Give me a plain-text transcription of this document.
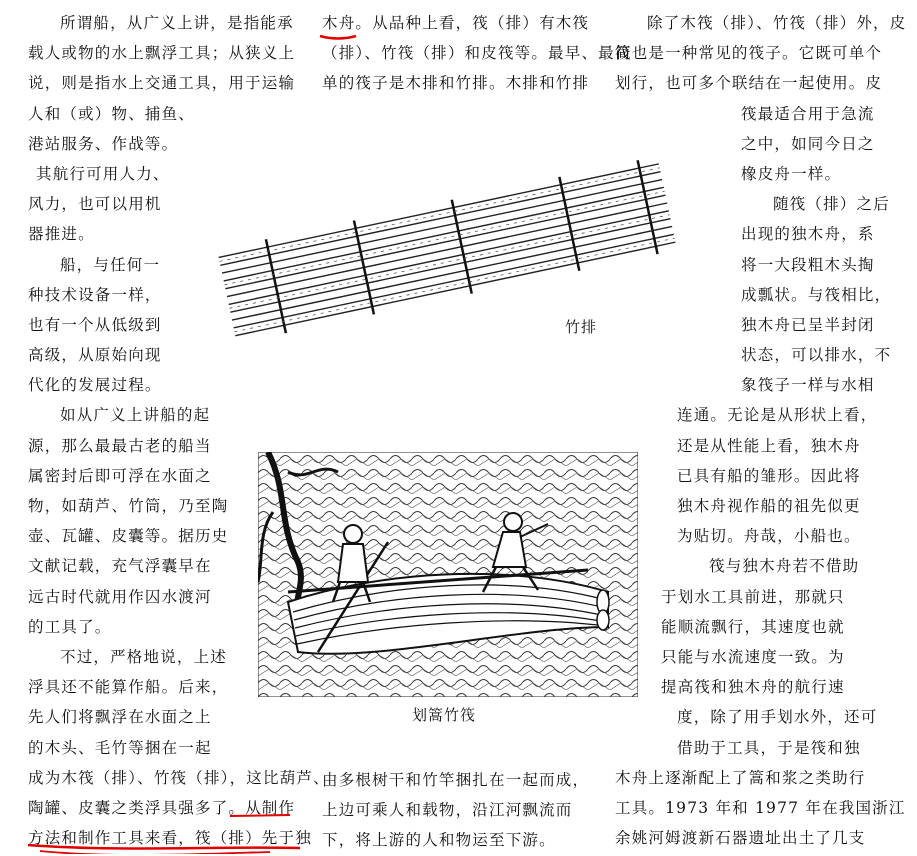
所谓船，从广义上讲，是指能承
载人或物的水上飘浮工具；从狭义上
说，则是指水上交通工具，用于运输
人和（或）物、捕鱼、
港站服务、作战等。
其航行可用人力、
风力，也可以用机
器推进。
船，与任何一
种技术设备一样，
也有一个从低级到
高级，从原始向现
代化的发展过程。
如从广义上讲船的起
源，那么最最古老的船当
属密封后即可浮在水面之
物，如葫芦、竹筒，乃至陶
壶、瓦罐、皮囊等。据历史
文献记载，充气浮囊早在
远古时代就用作囚水渡河
的工具了。
不过，严格地说，上述
浮具还不能算作船。后来，
先人们将飘浮在水面之上
的木头、毛竹等捆在一起
成为木筏（排）、竹筏（排），这比葫芦、
陶罐、皮囊之类浮具强多了。从制作
方法和制作工具来看，筏（排）先于独
木舟。从品种上看，筏（排）有木筏
（排）、竹筏（排）和皮筏等。最早、最简
单的筏子是木排和竹排。木排和竹排
由多根树干和竹竿捆扎在一起而成，
上边可乘人和载物，沿江河飘流而
下，将上游的人和物运至下游。
除了木筏（排）、竹筏（排）外，皮
筏也是一种常见的筏子。它既可单个
划行，也可多个联结在一起使用。皮
筏最适合用于急流
之中，如同今日之
橡皮舟一样。
随筏（排）之后
出现的独木舟，系
将一大段粗木头掏
成瓢状。与筏相比，
独木舟已呈半封闭
状态，可以排水，不
象筏子一样与水相
连通。无论是从形状上看，
还是从性能上看，独木舟
已具有船的雏形。因此将
独木舟视作船的祖先似更
为贴切。舟哉，小船也。
筏与独木舟若不借助
于划水工具前进，那就只
能顺流飘行，其速度也就
只能与水流速度一致。为
提高筏和独木舟的航行速
度，除了用手划水外，还可
借助于工具，于是筏和独
木舟上逐渐配上了篙和浆之类助行
工具。1973 年和 1977 年在我国浙江
余姚河姆渡新石器遗址出土了几支
竹排
划篙竹筏
